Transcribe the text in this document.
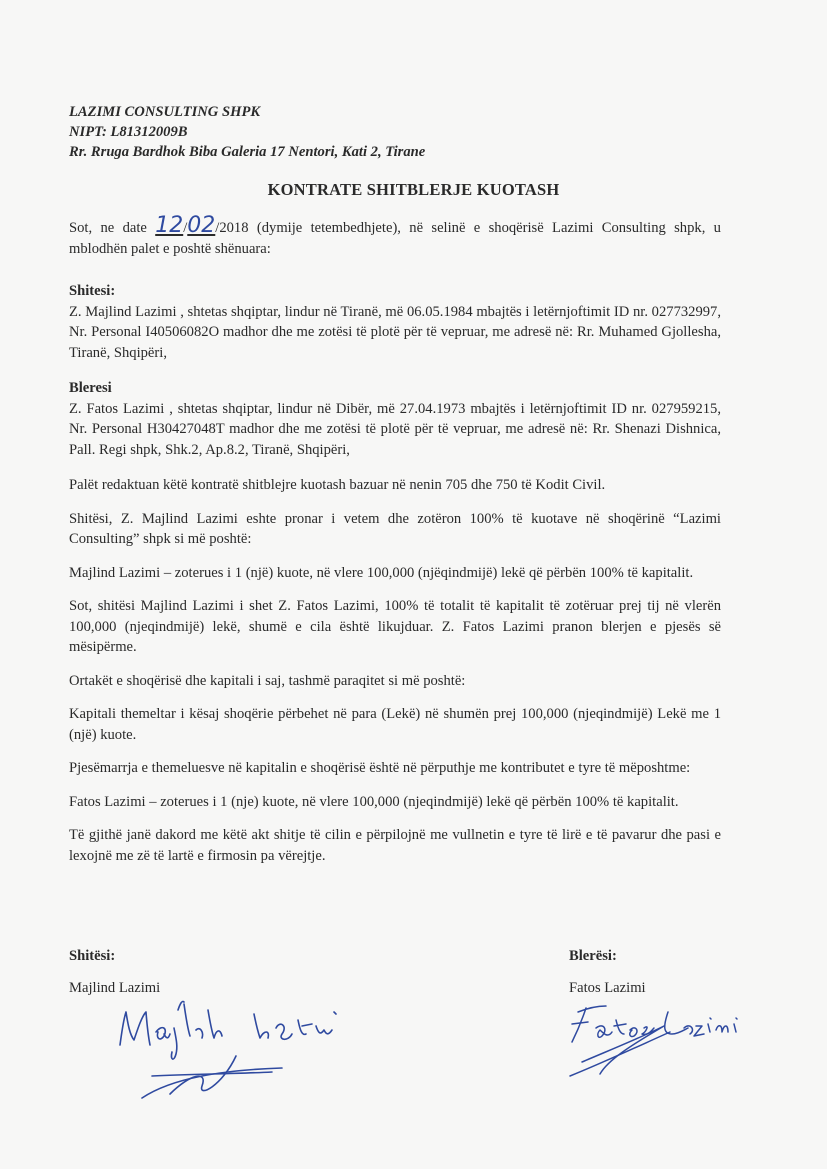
LAZIMI CONSULTING SHPK
NIPT: L81312009B
Rr. Rruga Bardhok Biba Galeria 17 Nentori, Kati 2, Tirane
KONTRATE SHITBLERJE KUOTASH

Sot, ne date 12/02/2018 (dymije tetembedhjete), në selinë e shoqërisë Lazimi Consulting shpk, u mblodhën palet e poshtë shënuara:

Shitesi:
Z. Majlind Lazimi , shtetas shqiptar, lindur në Tiranë, më 06.05.1984 mbajtës i letërnjoftimit ID nr. 027732997, Nr. Personal I40506082O madhor dhe me zotësi të plotë për të vepruar, me adresë në: Rr. Muhamed Gjollesha, Tiranë, Shqipëri,

Bleresi
Z. Fatos Lazimi , shtetas shqiptar, lindur në Dibër, më 27.04.1973 mbajtës i letërnjoftimit ID nr. 027959215, Nr. Personal H30427048T madhor dhe me zotësi të plotë për të vepruar, me adresë në: Rr. Shenazi Dishnica, Pall. Regi shpk, Shk.2, Ap.8.2, Tiranë, Shqipëri,

Palët redaktuan këtë kontratë shitblejre kuotash bazuar në nenin 705 dhe 750 të Kodit Civil.

Shitësi, Z. Majlind Lazimi eshte pronar i vetem dhe zotëron 100% të kuotave në shoqërinë “Lazimi Consulting” shpk si më poshtë:

Majlind Lazimi – zoterues i 1 (një) kuote, në vlere 100,000 (njëqindmijë) lekë që përbën 100% të kapitalit.

Sot, shitësi Majlind Lazimi i shet Z. Fatos Lazimi, 100% të totalit të kapitalit të zotëruar prej tij në vlerën 100,000 (njeqindmijë) lekë, shumë e cila është likujduar. Z. Fatos Lazimi pranon blerjen e pjesës së mësipërme.

Ortakët e shoqërisë dhe kapitali i saj, tashmë paraqitet si më poshtë:

Kapitali themeltar i kësaj shoqërie përbehet në para (Lekë) në shumën prej 100,000 (njeqindmijë) Lekë me 1 (një) kuote.

Pjesëmarrja e themeluesve në kapitalin e shoqërisë është në përputhje me kontributet e tyre të mëposhtme:

Fatos Lazimi – zoterues i 1 (nje) kuote, në vlere 100,000 (njeqindmijë) lekë që përbën 100% të kapitalit.

Të gjithë janë dakord me këtë akt shitje të cilin e përpilojnë me vullnetin e tyre të lirë e të pavarur dhe pasi e lexojnë me zë të lartë e firmosin pa vërejtje.

Shitësi:
Majlind Lazimi
Blerësi:
Fatos Lazimi
